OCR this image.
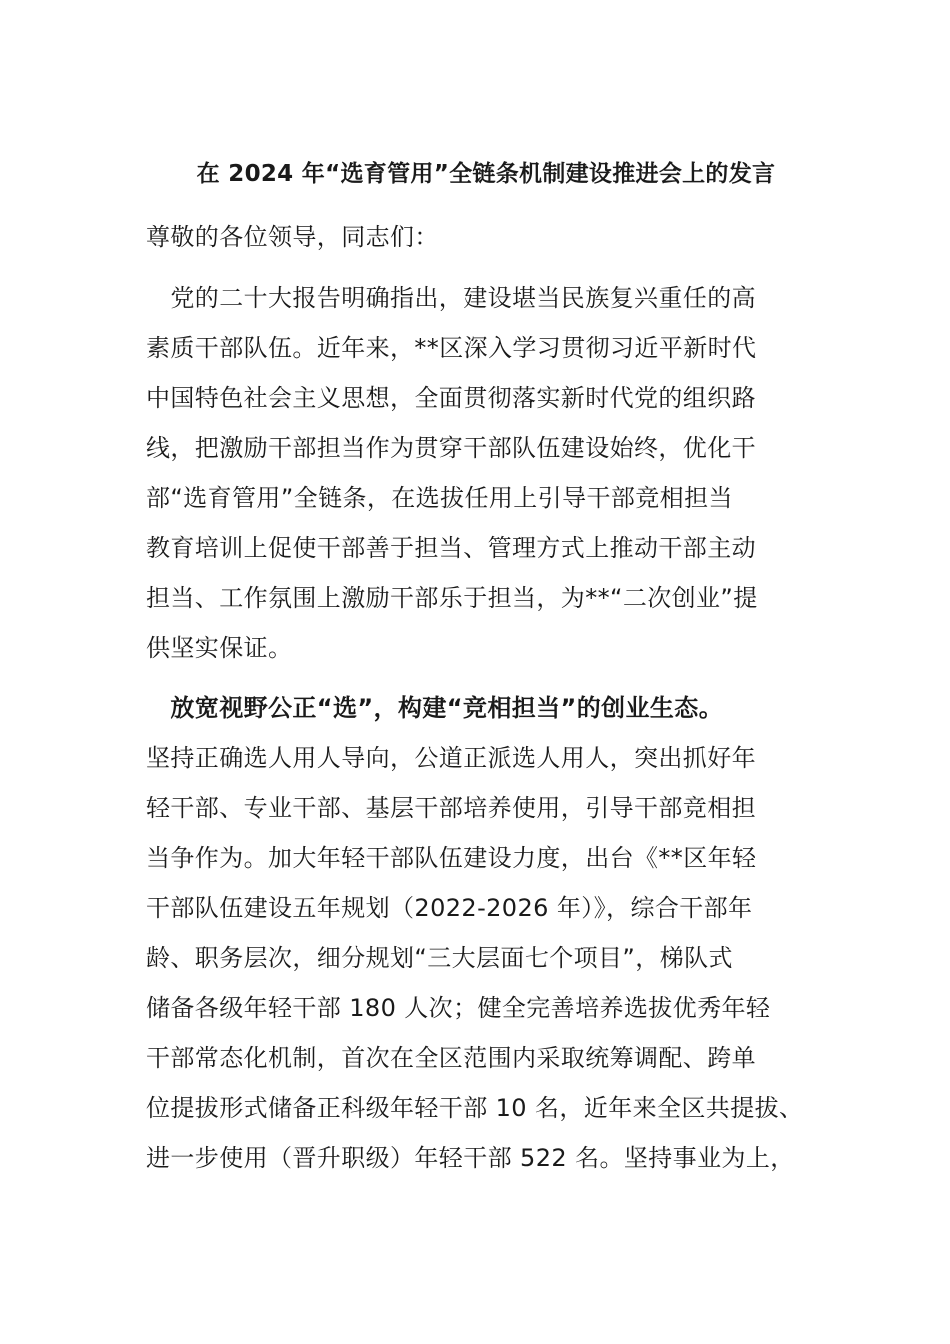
在 2024 年“选育管用”全链条机制建设推进会上的发言
尊敬的各位领导，同志们：
　党的二十大报告明确指出，建设堪当民族复兴重任的高
素质干部队伍。近年来，**区深入学习贯彻习近平新时代
中国特色社会主义思想，全面贯彻落实新时代党的组织路
线，把激励干部担当作为贯穿干部队伍建设始终，优化干
部“选育管用”全链条，在选拔任用上引导干部竞相担当
教育培训上促使干部善于担当、管理方式上推动干部主动
担当、工作氛围上激励干部乐于担当，为**“二次创业”提
供坚实保证。
　放宽视野公正“选”，构建“竞相担当”的创业生态。
坚持正确选人用人导向，公道正派选人用人，突出抓好年
轻干部、专业干部、基层干部培养使用，引导干部竞相担
当争作为。加大年轻干部队伍建设力度，出台《**区年轻
干部队伍建设五年规划（2022-2026 年）》，综合干部年
龄、职务层次，细分规划“三大层面七个项目”，梯队式
储备各级年轻干部 180 人次；健全完善培养选拔优秀年轻
干部常态化机制，首次在全区范围内采取统筹调配、跨单
位提拔形式储备正科级年轻干部 10 名，近年来全区共提拔、
进一步使用（晋升职级）年轻干部 522 名。坚持事业为上，
